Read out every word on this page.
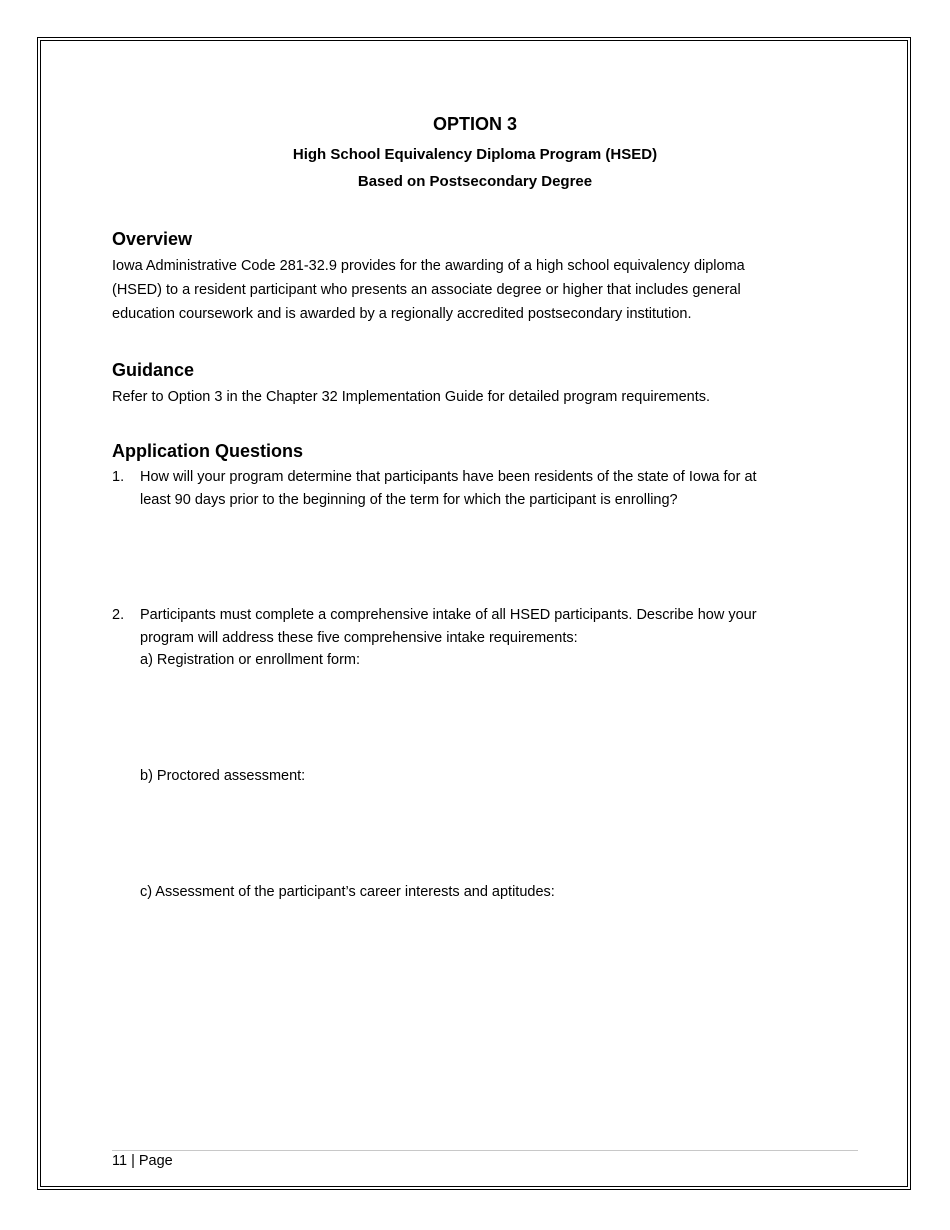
OPTION 3
High School Equivalency Diploma Program (HSED)
Based on Postsecondary Degree
Overview
Iowa Administrative Code 281-32.9 provides for the awarding of a high school equivalency diploma
(HSED) to a resident participant who presents an associate degree or higher that includes general
education coursework and is awarded by a regionally accredited postsecondary institution.
Guidance
Refer to Option 3 in the Chapter 32 Implementation Guide for detailed program requirements.
Application Questions
1. How will your program determine that participants have been residents of the state of Iowa for at
least 90 days prior to the beginning of the term for which the participant is enrolling?
2. Participants must complete a comprehensive intake of all HSED participants. Describe how your
program will address these five comprehensive intake requirements:
a) Registration or enrollment form:
b) Proctored assessment:
c) Assessment of the participant’s career interests and aptitudes:
11 | Page
